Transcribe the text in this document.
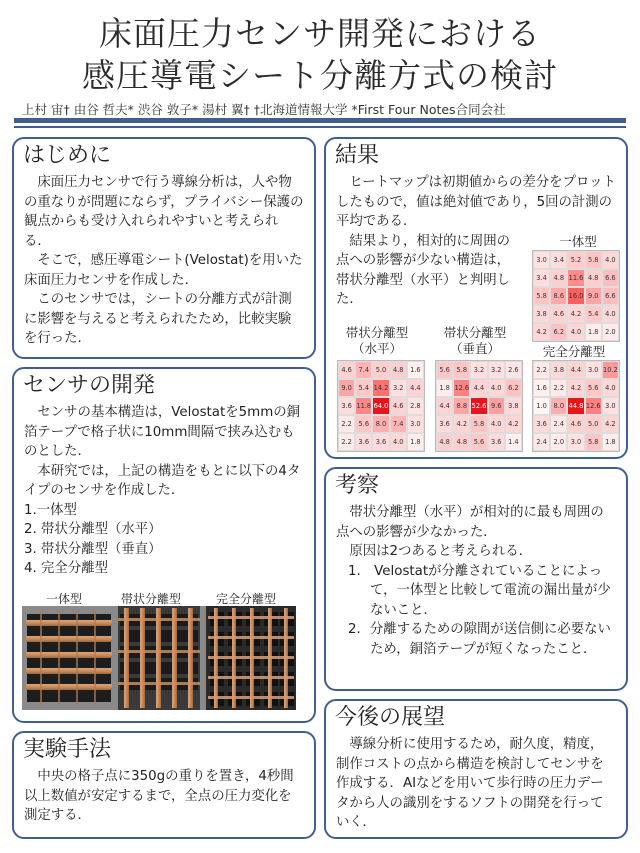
床面圧力センサ開発における
感圧導電シート分離方式の検討
上村 宙† 由谷 哲夫* 渋谷 敦子* 湯村 翼† †北海道情報大学 *First Four Notes合同会社
はじめに

床面圧力センサで行う導線分析は，人や物の重なりが問題にならず，プライバシー保護の観点からも受け入れられやすいと考えられる．

そこで，感圧導電シート(Velostat)を用いた床面圧力センサを作成した．

このセンサでは，シートの分離方式が計測に影響を与えると考えられたため，比較実験を行った．

センサの開発

センサの基本構造は，Velostatを5mmの銅箔テープで格子状に10mm間隔で挟み込むものとした．

本研究では，上記の構造をもとに以下の4タイプのセンサを作成した．

1.一体型
2. 帯状分離型（水平）
3. 帯状分離型（垂直）
4. 完全分離型
一体型	帯状分離型	完全分離型
実験手法

中央の格子点に350gの重りを置き，4秒間以上数値が安定するまで，全点の圧力変化を測定する．

結果

ヒートマップは初期値からの差分をプロットしたもので，値は絶対値であり，5回の計測の平均である．

結果より，相対的に周囲の点への影響が少ない構造は，帯状分離型（水平）と判明した．

一体型
帯状分離型
（水平）
帯状分離型
（垂直）	完全分離型
3.0	3.4	5.2	5.8	4.0
3.4	4.8 11.6 4.8	6.6
5.8	8.6 16.0 9.0	6.6
3.8	4.6	4.2	5.4	4.0
4.2	6.2	4.0	1.8	2.0
4.6	7.4	5.0	4.8	1.6
9.0	5.4 14.2 3.2	4.4
3.6 11.8 64.0 4.6	2.8
2.2	5.6	8.0	7.4	3.0
2.2	3.6	3.6	4.0	1.8
5.6	5.8	3.2	3.2	2.6
1.8 12.6 4.4	4.0	6.2
4.4	8.8 52.6 9.6	3.8
3.6	4.2	5.8	4.0	4.2
4.8	4.8	5.6	3.6	1.4
2.2	3.8	4.4	3.0 10.2
1.6	2.2	4.2	5.6	4.0
1.0	8.0 44.8 12.6 3.0
3.6	2.4	4.6	5.0	4.2
2.4	2.0	3.0	5.8	1.8
考察

帯状分離型（水平）が相対的に最も周囲の点への影響が少なかった．

原因は2つあると考えられる．

1.　Velostatが分離されていることによって，一体型と比較して電流の漏出量が少ないこと．

2．分離するための隙間が送信側に必要ないため，銅箔テープが短くなったこと．

今後の展望

導線分析に使用するため，耐久度，精度，制作コストの点から構造を検討してセンサを作成する．AIなどを用いて歩行時の圧力データから人の識別をするソフトの開発を行っていく．
